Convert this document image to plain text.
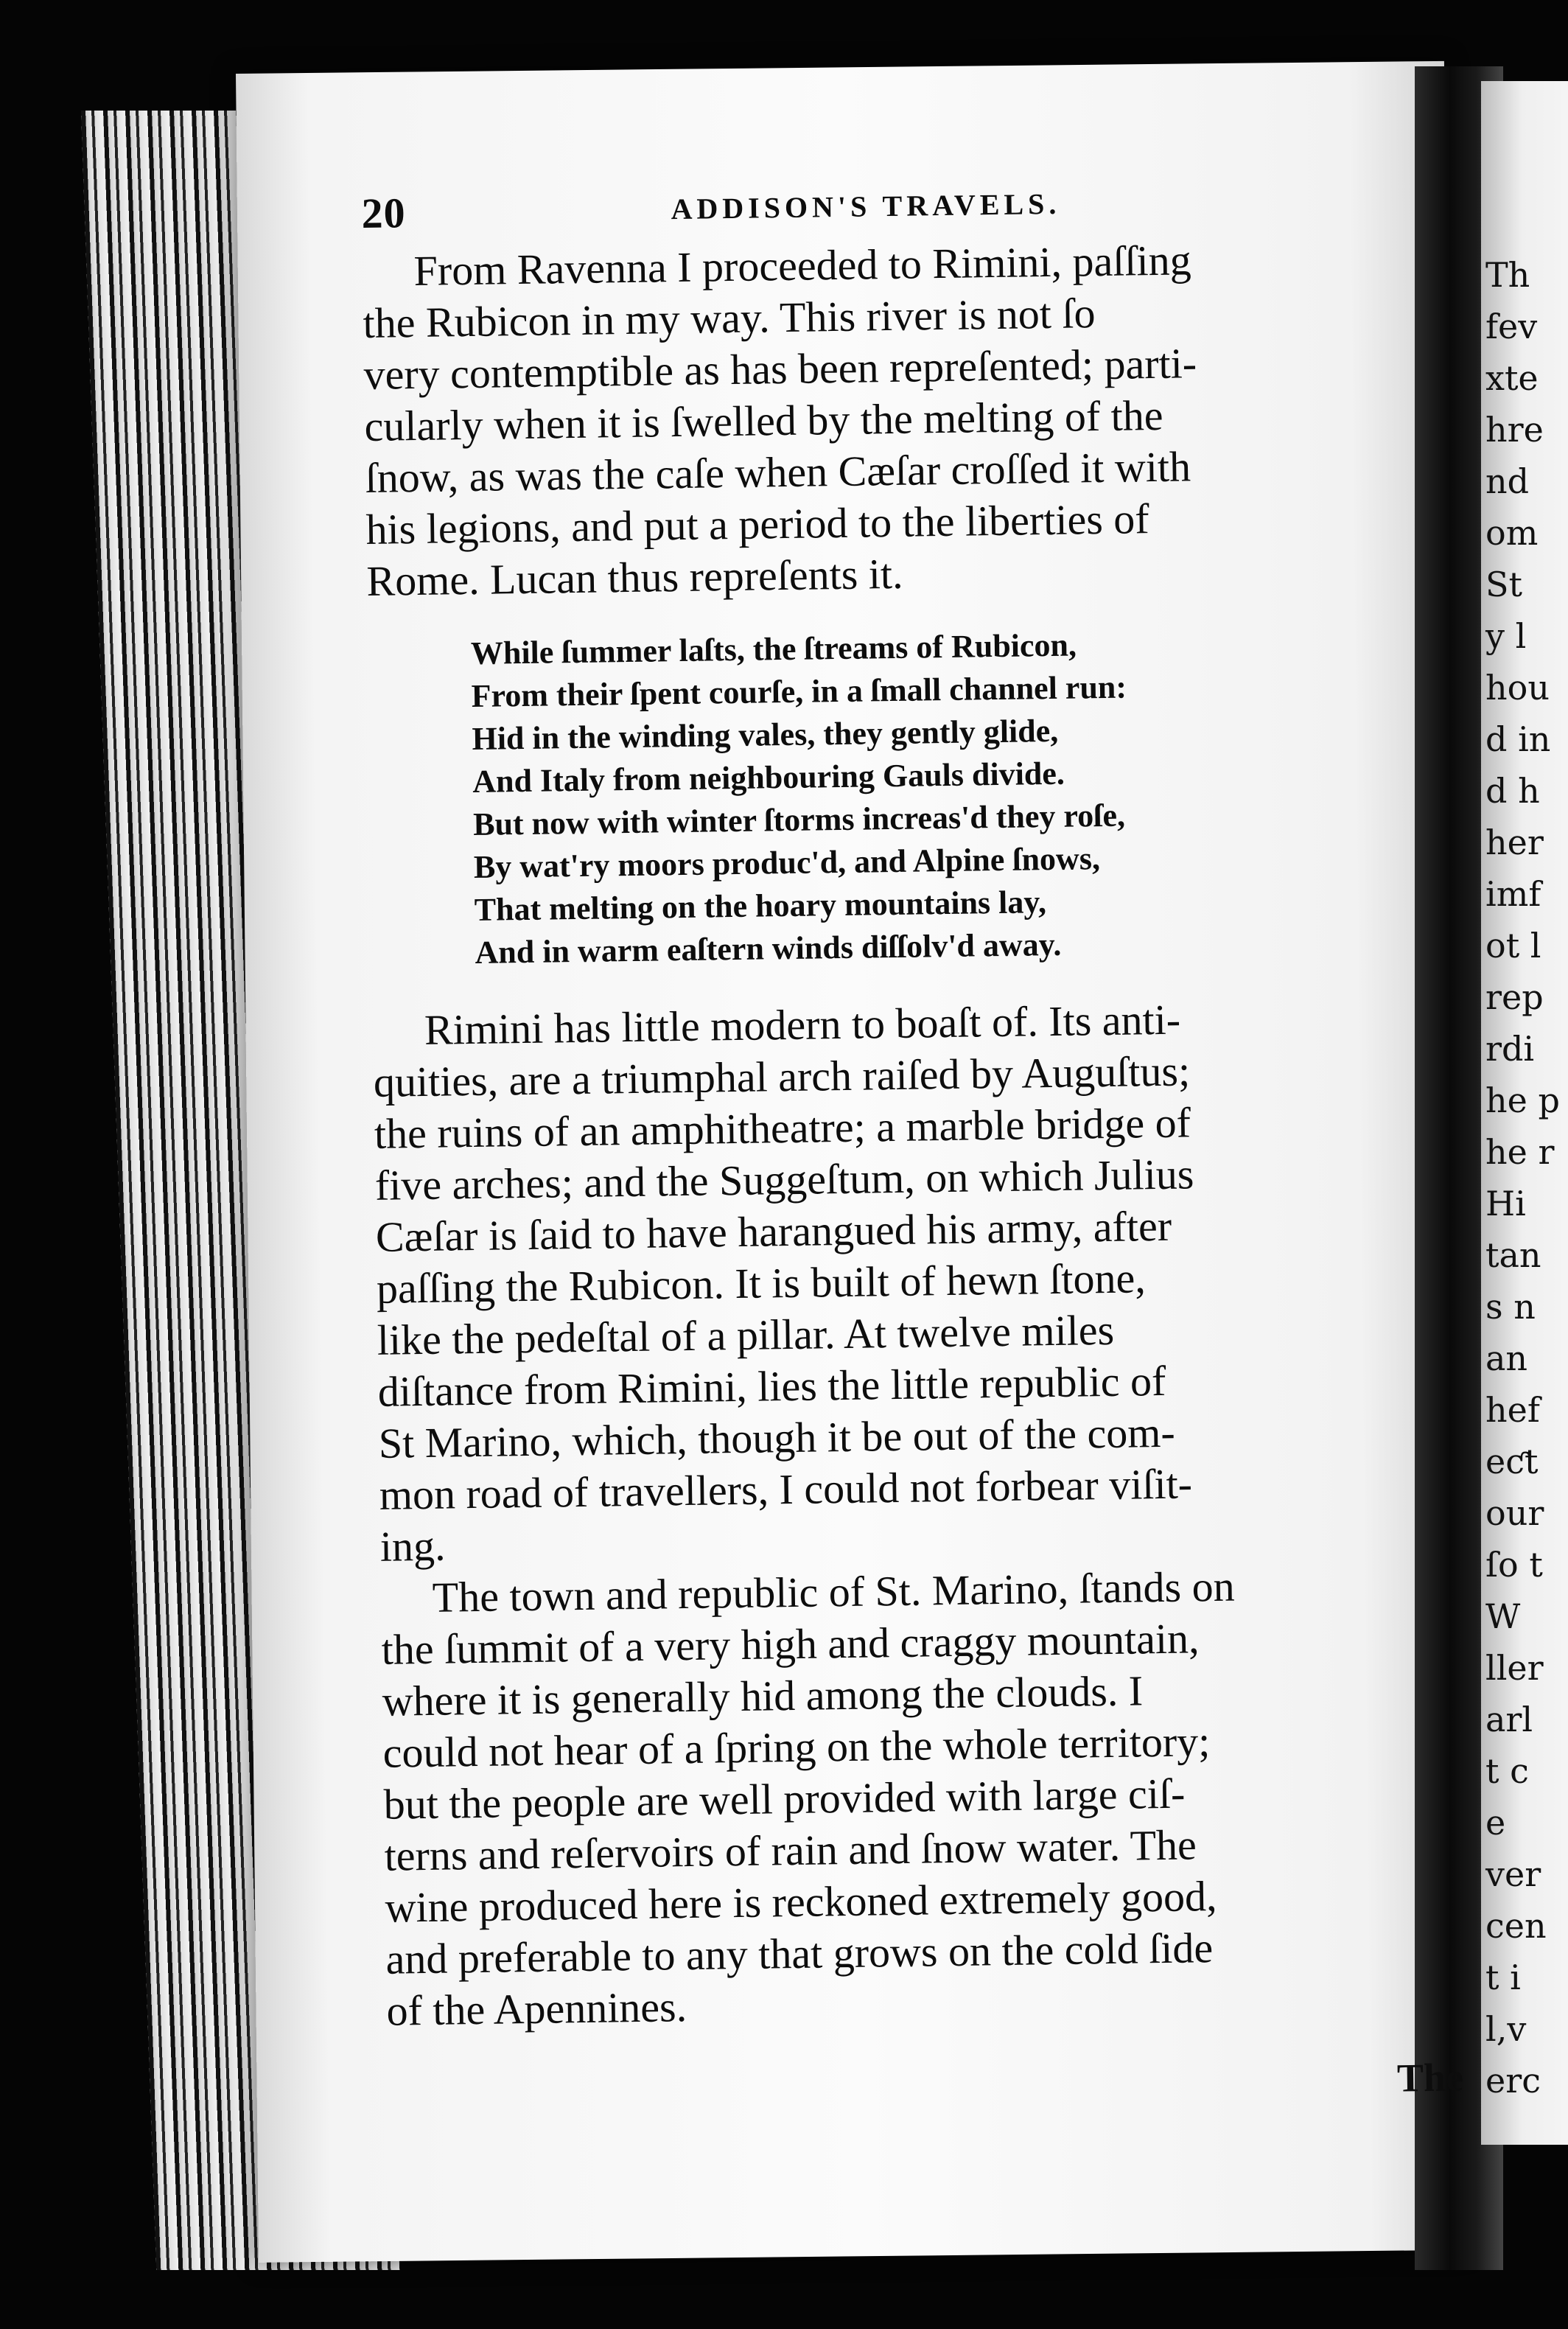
Th
fev
xte
hre
nd
om
St
y l
hou
d in
d h
her
imf
ot l
rep
rdi
he p
he r
Hi
tan
s n
an
hef
eƈt
our
ſo t
W
ller
arl
t c
e
ver
cen
t i
l,v
erc
20	ADDISON'S TRAVELS.

From Ravenna I proceeded to Rimini, paſſing
the Rubicon in my way. This river is not ſo
very contemptible as has been repreſented; parti-
cularly when it is ſwelled by the melting of the
ſnow, as was the caſe when Cæſar croſſed it with
his legions, and put a period to the liberties of
Rome. Lucan thus repreſents it.

While ſummer laſts, the ſtreams of Rubicon,
From their ſpent courſe, in a ſmall channel run:
Hid in the winding vales, they gently glide,
And Italy from neighbouring Gauls divide.
But now with winter ſtorms increas'd they roſe,
By wat'ry moors produc'd, and Alpine ſnows,
That melting on the hoary mountains lay,
And in warm eaſtern winds diſſolv'd away.

Rimini has little modern to boaſt of. Its anti-
quities, are a triumphal arch raiſed by Auguſtus;
the ruins of an amphitheatre; a marble bridge of
five arches; and the Suggeſtum, on which Julius
Cæſar is ſaid to have harangued his army, after
paſſing the Rubicon. It is built of hewn ſtone,
like the pedeſtal of a pillar. At twelve miles
diſtance from Rimini, lies the little republic of
St Marino, which, though it be out of the com-
mon road of travellers, I could not forbear viſit-
ing.

The town and republic of St. Marino, ſtands on
the ſummit of a very high and craggy mountain,
where it is generally hid among the clouds. I
could not hear of a ſpring on the whole territory;
but the people are well provided with large ciſ-
terns and reſervoirs of rain and ſnow water. The
wine produced here is reckoned extremely good,
and preferable to any that grows on the cold ſide
of the Apennines.

The
